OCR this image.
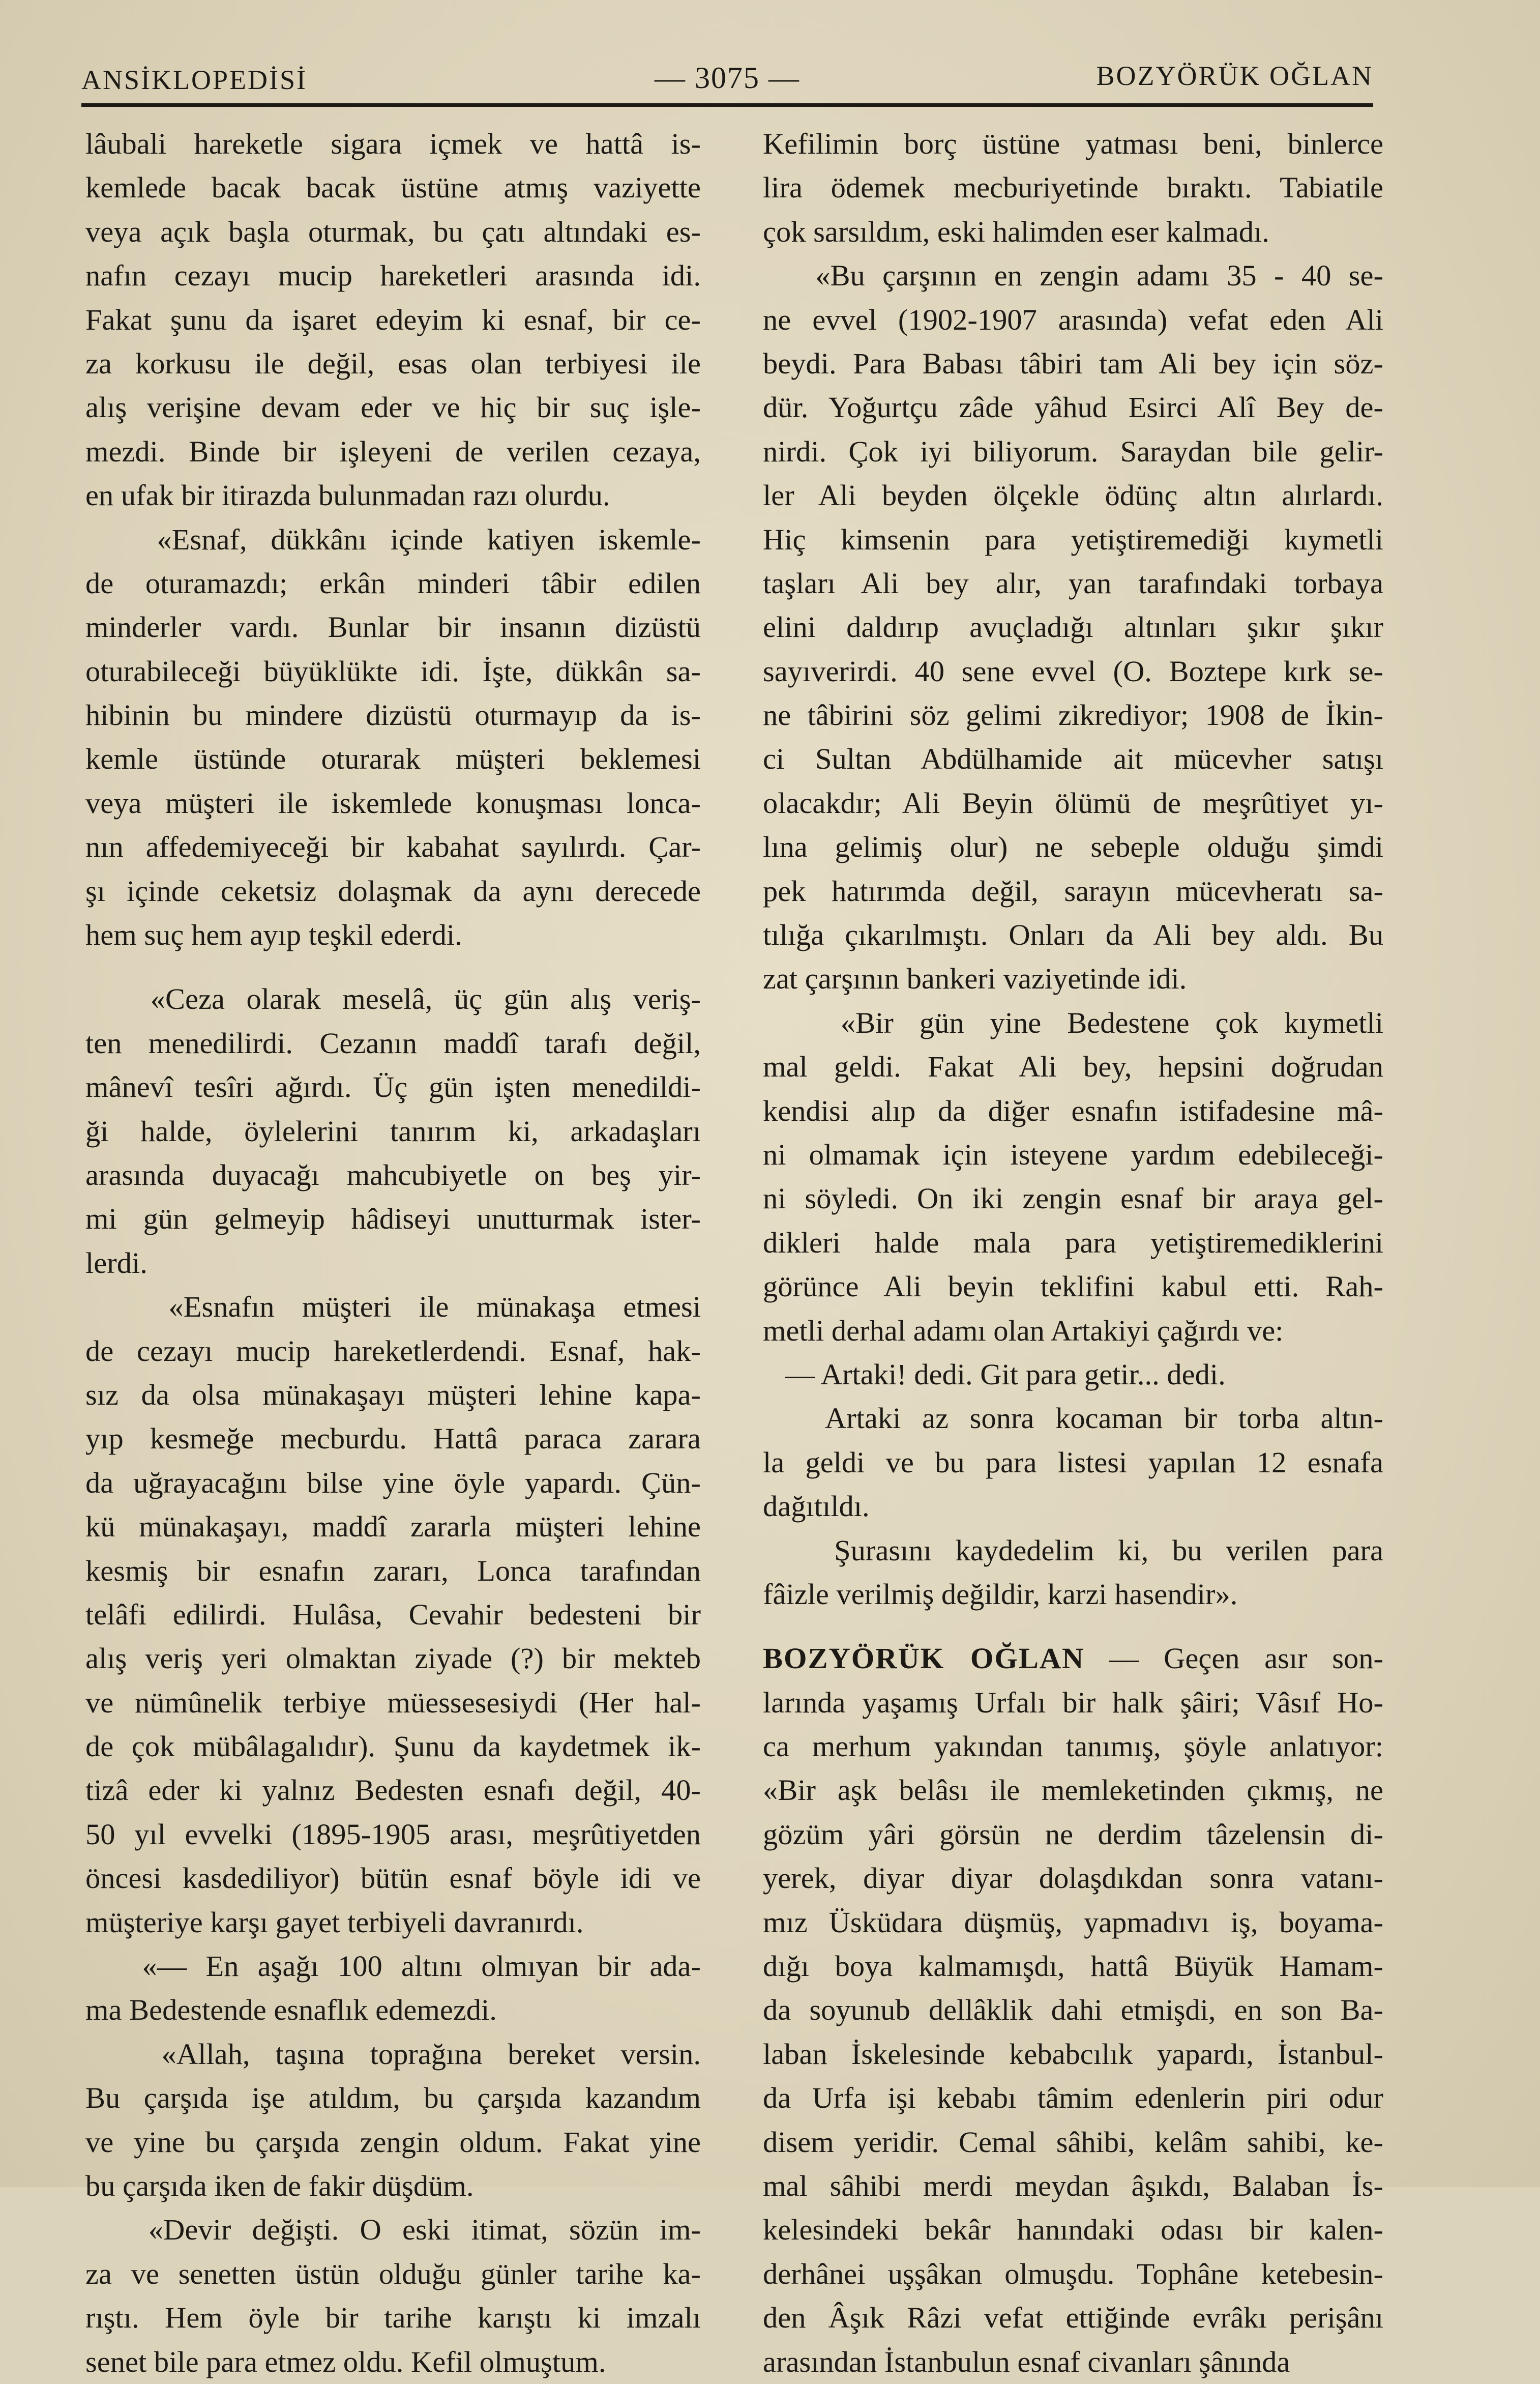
ANSİKLOPEDİSİ	— 3075 —	BOZYÖRÜK OĞLAN
lâubali hareketle sigara içmek ve hattâ is-
kemlede bacak bacak üstüne atmış vaziyette
veya açık başla oturmak, bu çatı altındaki es-
nafın cezayı mucip hareketleri arasında idi.
Fakat şunu da işaret edeyim ki esnaf, bir ce-
za korkusu ile değil, esas olan terbiyesi ile
alış verişine devam eder ve hiç bir suç işle-
mezdi. Binde bir işleyeni de verilen cezaya,
en ufak bir itirazda bulunmadan razı olurdu.
«Esnaf, dükkânı içinde katiyen iskemle-
de oturamazdı; erkân minderi tâbir edilen
minderler vardı. Bunlar bir insanın dizüstü
oturabileceği büyüklükte idi. İşte, dükkân sa-
hibinin bu mindere dizüstü oturmayıp da is-
kemle üstünde oturarak müşteri beklemesi
veya müşteri ile iskemlede konuşması lonca-
nın affedemiyeceği bir kabahat sayılırdı. Çar-
şı içinde ceketsiz dolaşmak da aynı derecede
hem suç hem ayıp teşkil ederdi.
«Ceza olarak meselâ, üç gün alış veriş-
ten menedilirdi. Cezanın maddî tarafı değil,
mânevî tesîri ağırdı. Üç gün işten menedildi-
ği halde, öylelerini tanırım ki, arkadaşları
arasında duyacağı mahcubiyetle on beş yir-
mi gün gelmeyip hâdiseyi unutturmak ister-
lerdi.
«Esnafın müşteri ile münakaşa etmesi
de cezayı mucip hareketlerdendi. Esnaf, hak-
sız da olsa münakaşayı müşteri lehine kapa-
yıp kesmeğe mecburdu. Hattâ paraca zarara
da uğrayacağını bilse yine öyle yapardı. Çün-
kü münakaşayı, maddî zararla müşteri lehine
kesmiş bir esnafın zararı, Lonca tarafından
telâfi edilirdi. Hulâsa, Cevahir bedesteni bir
alış veriş yeri olmaktan ziyade (?) bir mekteb
ve nümûnelik terbiye müessesesiydi (Her hal-
de çok mübâlagalıdır). Şunu da kaydetmek ik-
tizâ eder ki yalnız Bedesten esnafı değil, 40-
50 yıl evvelki (1895-1905 arası, meşrûtiyetden
öncesi kasdediliyor) bütün esnaf böyle idi ve
müşteriye karşı gayet terbiyeli davranırdı.
«— En aşağı 100 altını olmıyan bir ada-
ma Bedestende esnaflık edemezdi.
«Allah, taşına toprağına bereket versin.
Bu çarşıda işe atıldım, bu çarşıda kazandım
ve yine bu çarşıda zengin oldum. Fakat yine
bu çarşıda iken de fakir düşdüm.
«Devir değişti. O eski itimat, sözün im-
za ve senetten üstün olduğu günler tarihe ka-
rıştı. Hem öyle bir tarihe karıştı ki imzalı
senet bile para etmez oldu. Kefil olmuştum.
Kefilimin borç üstüne yatması beni, binlerce
lira ödemek mecburiyetinde bıraktı. Tabiatile
çok sarsıldım, eski halimden eser kalmadı.
«Bu çarşının en zengin adamı 35 - 40 se-
ne evvel (1902-1907 arasında) vefat eden Ali
beydi. Para Babası tâbiri tam Ali bey için söz-
dür. Yoğurtçu zâde yâhud Esirci Alî Bey de-
nirdi. Çok iyi biliyorum. Saraydan bile gelir-
ler Ali beyden ölçekle ödünç altın alırlardı.
Hiç kimsenin para yetiştiremediği kıymetli
taşları Ali bey alır, yan tarafındaki torbaya
elini daldırıp avuçladığı altınları şıkır şıkır
sayıverirdi. 40 sene evvel (O. Boztepe kırk se-
ne tâbirini söz gelimi zikrediyor; 1908 de İkin-
ci Sultan Abdülhamide ait mücevher satışı
olacakdır; Ali Beyin ölümü de meşrûtiyet yı-
lına gelimiş olur) ne sebeple olduğu şimdi
pek hatırımda değil, sarayın mücevheratı sa-
tılığa çıkarılmıştı. Onları da Ali bey aldı. Bu
zat çarşının bankeri vaziyetinde idi.
«Bir gün yine Bedestene çok kıymetli
mal geldi. Fakat Ali bey, hepsini doğrudan
kendisi alıp da diğer esnafın istifadesine mâ-
ni olmamak için isteyene yardım edebileceği-
ni söyledi. On iki zengin esnaf bir araya gel-
dikleri halde mala para yetiştiremediklerini
görünce Ali beyin teklifini kabul etti. Rah-
metli derhal adamı olan Artakiyi çağırdı ve:
— Artaki! dedi. Git para getir... dedi.
Artaki az sonra kocaman bir torba altın-
la geldi ve bu para listesi yapılan 12 esnafa
dağıtıldı.
Şurasını kaydedelim ki, bu verilen para
fâizle verilmiş değildir, karzi hasendir».
BOZYÖRÜK OĞLAN — Geçen asır son-
larında yaşamış Urfalı bir halk şâiri; Vâsıf Ho-
ca merhum yakından tanımış, şöyle anlatıyor:
«Bir aşk belâsı ile memleketinden çıkmış, ne
gözüm yâri görsün ne derdim tâzelensin di-
yerek, diyar diyar dolaşdıkdan sonra vatanı-
mız Üsküdara düşmüş, yapmadıvı iş, boyama-
dığı boya kalmamışdı, hattâ Büyük Hamam-
da soyunub dellâklik dahi etmişdi, en son Ba-
laban İskelesinde kebabcılık yapardı, İstanbul-
da Urfa işi kebabı tâmim edenlerin piri odur
disem yeridir. Cemal sâhibi, kelâm sahibi, ke-
mal sâhibi merdi meydan âşıkdı, Balaban İs-
kelesindeki bekâr hanındaki odası bir kalen-
derhânei uşşâkan olmuşdu. Tophâne ketebesin-
den Âşık Râzi vefat ettiğinde evrâkı perişânı
arasından İstanbulun esnaf civanları şânında
